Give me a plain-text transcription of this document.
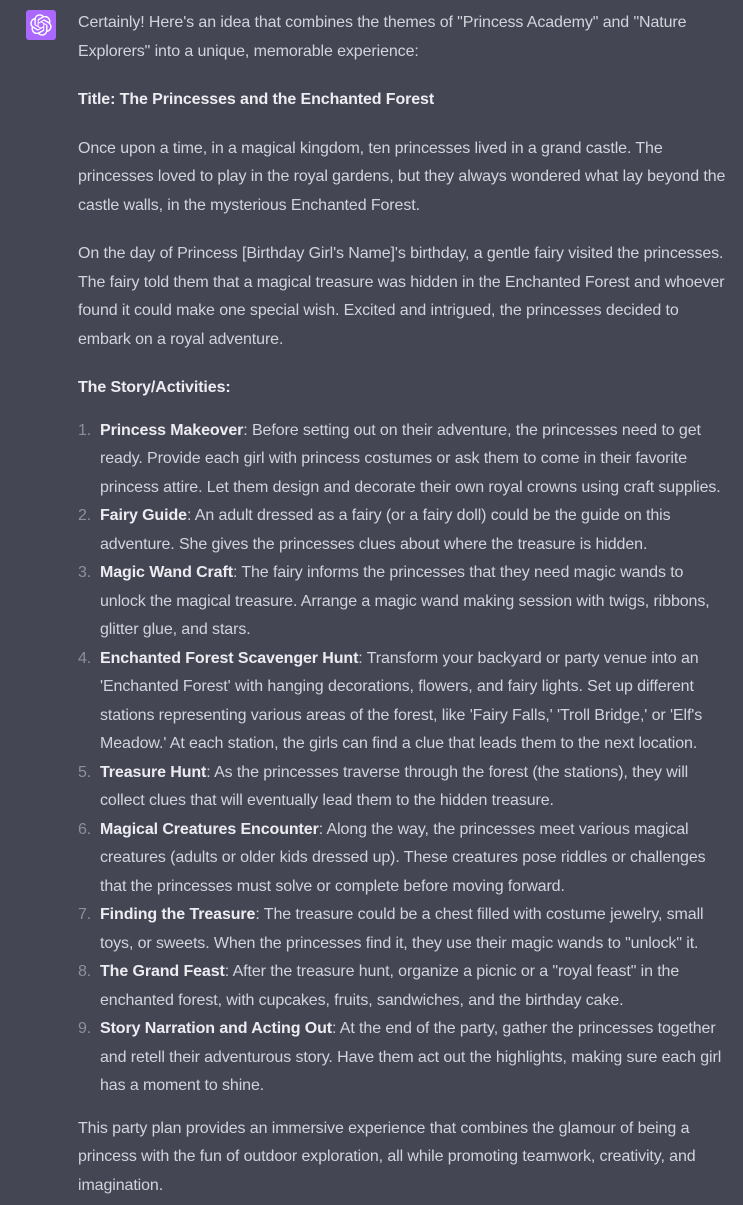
Certainly! Here's an idea that combines the themes of "Princess Academy" and "Nature Explorers" into a unique, memorable experience:

Title: The Princesses and the Enchanted Forest

Once upon a time, in a magical kingdom, ten princesses lived in a grand castle. The princesses loved to play in the royal gardens, but they always wondered what lay beyond the castle walls, in the mysterious Enchanted Forest.

On the day of Princess [Birthday Girl's Name]'s birthday, a gentle fairy visited the princesses. The fairy told them that a magical treasure was hidden in the Enchanted Forest and whoever found it could make one special wish. Excited and intrigued, the princesses decided to embark on a royal adventure.

The Story/Activities:

1. Princess Makeover: Before setting out on their adventure, the princesses need to get ready. Provide each girl with princess costumes or ask them to come in their favorite princess attire. Let them design and decorate their own royal crowns using craft supplies.
2. Fairy Guide: An adult dressed as a fairy (or a fairy doll) could be the guide on this adventure. She gives the princesses clues about where the treasure is hidden.
3. Magic Wand Craft: The fairy informs the princesses that they need magic wands to unlock the magical treasure. Arrange a magic wand making session with twigs, ribbons, glitter glue, and stars.
4. Enchanted Forest Scavenger Hunt: Transform your backyard or party venue into an 'Enchanted Forest' with hanging decorations, flowers, and fairy lights. Set up different stations representing various areas of the forest, like 'Fairy Falls,' 'Troll Bridge,' or 'Elf's Meadow.' At each station, the girls can find a clue that leads them to the next location.
5. Treasure Hunt: As the princesses traverse through the forest (the stations), they will collect clues that will eventually lead them to the hidden treasure.
6. Magical Creatures Encounter: Along the way, the princesses meet various magical creatures (adults or older kids dressed up). These creatures pose riddles or challenges that the princesses must solve or complete before moving forward.
7. Finding the Treasure: The treasure could be a chest filled with costume jewelry, small toys, or sweets. When the princesses find it, they use their magic wands to "unlock" it.
8. The Grand Feast: After the treasure hunt, organize a picnic or a "royal feast" in the enchanted forest, with cupcakes, fruits, sandwiches, and the birthday cake.
9. Story Narration and Acting Out: At the end of the party, gather the princesses together and retell their adventurous story. Have them act out the highlights, making sure each girl has a moment to shine.

This party plan provides an immersive experience that combines the glamour of being a princess with the fun of outdoor exploration, all while promoting teamwork, creativity, and imagination.
